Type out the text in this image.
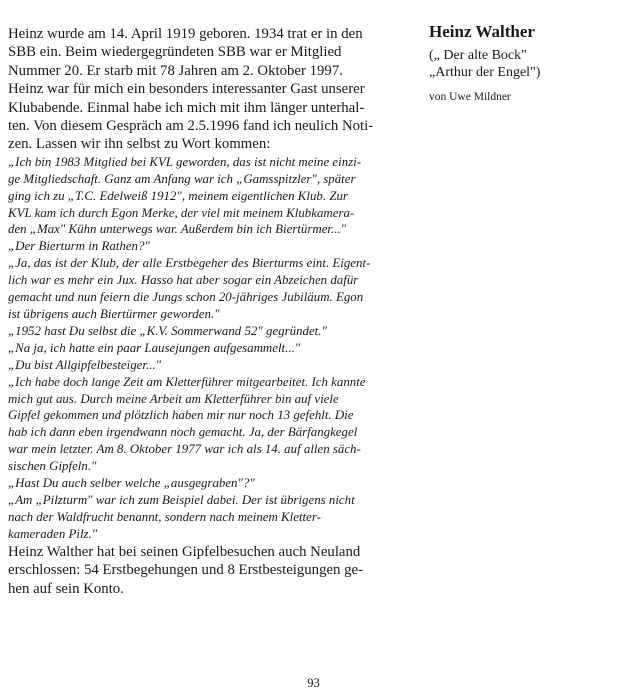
Heinz wurde am 14. April 1919 geboren. 1934 trat er in den
SBB ein. Beim wiedergegründeten SBB war er Mitglied
Nummer 20. Er starb mit 78 Jahren am 2. Oktober 1997.
Heinz war für mich ein besonders interessanter Gast unserer
Klubabende. Einmal habe ich mich mit ihm länger unterhal-
ten. Von diesem Gespräch am 2.5.1996 fand ich neulich Noti-
zen. Lassen wir ihn selbst zu Wort kommen:
„Ich bin 1983 Mitglied bei KVL geworden, das ist nicht meine einzi-
ge Mitgliedschaft. Ganz am Anfang war ich „Gamsspitzler", später
ging ich zu „T.C. Edelweiß 1912", meinem eigentlichen Klub. Zur
KVL kam ich durch Egon Merke, der viel mit meinem Klubkamera-
den „Max" Kühn unterwegs war. Außerdem bin ich Biertürmer..."
„Der Bierturm in Rathen?"
„Ja, das ist der Klub, der alle Erstbegeher des Bierturms eint. Eigent-
lich war es mehr ein Jux. Hasso hat aber sogar ein Abzeichen dafür
gemacht und nun feiern die Jungs schon 20-jähriges Jubiläum. Egon
ist übrigens auch Biertürmer geworden."
„1952 hast Du selbst die „K.V. Sommerwand 52" gegründet."
„Na ja, ich hatte ein paar Lausejungen aufgesammelt..."
„Du bist Allgipfelbesteiger..."
„Ich habe doch lange Zeit am Kletterführer mitgearbeitet. Ich kannte
mich gut aus. Durch meine Arbeit am Kletterführer bin auf viele
Gipfel gekommen und plötzlich haben mir nur noch 13 gefehlt. Die
hab ich dann eben irgendwann noch gemacht. Ja, der Bärfangkegel
war mein letzter. Am 8. Oktober 1977 war ich als 14. auf allen säch-
sischen Gipfeln."
„Hast Du auch selber welche „ausgegraben"?"
„Am „Pilzturm" war ich zum Beispiel dabei. Der ist übrigens nicht
nach der Waldfrucht benannt, sondern nach meinem Kletter-
kameraden Pilz."
Heinz Walther hat bei seinen Gipfelbesuchen auch Neuland
erschlossen: 54 Erstbegehungen und 8 Erstbesteigungen ge-
hen auf sein Konto.
Heinz Walther
(„ Der alte Bock"
„Arthur der Engel")
von Uwe Mildner
93
